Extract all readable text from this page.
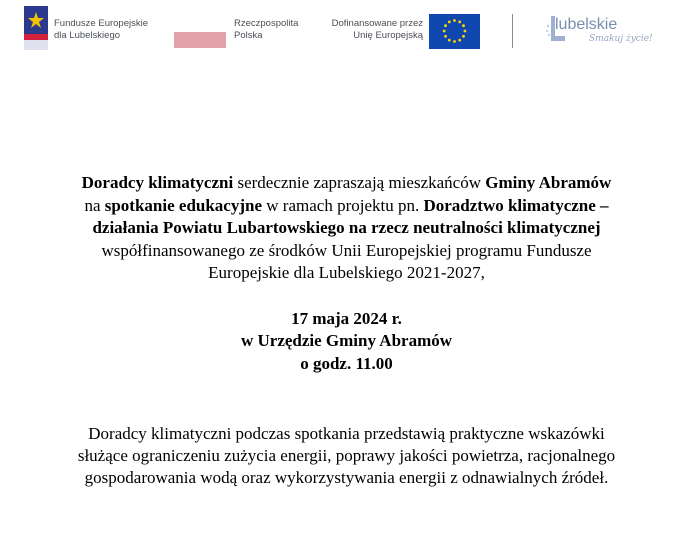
Fundusze Europejskie
dla Lubelskiego
Rzeczpospolita
Polska
Dofinansowane przez
Unię Europejską
lubelskie
Smakuj życie!

Doradcy klimatyczni serdecznie zapraszają mieszkańców Gminy Abramów

na spotkanie edukacyjne w ramach projektu pn. Doradztwo klimatyczne –

działania Powiatu Lubartowskiego na rzecz neutralności klimatycznej

współfinansowanego ze środków Unii Europejskiej programu Fundusze

Europejskie dla Lubelskiego 2021-2027,

17 maja 2024 r.

w Urzędzie Gminy Abramów

o godz. 11.00

Doradcy klimatyczni podczas spotkania przedstawią praktyczne wskazówki

służące ograniczeniu zużycia energii, poprawy jakości powietrza, racjonalnego

gospodarowania wodą oraz wykorzystywania energii z odnawialnych źródeł.
